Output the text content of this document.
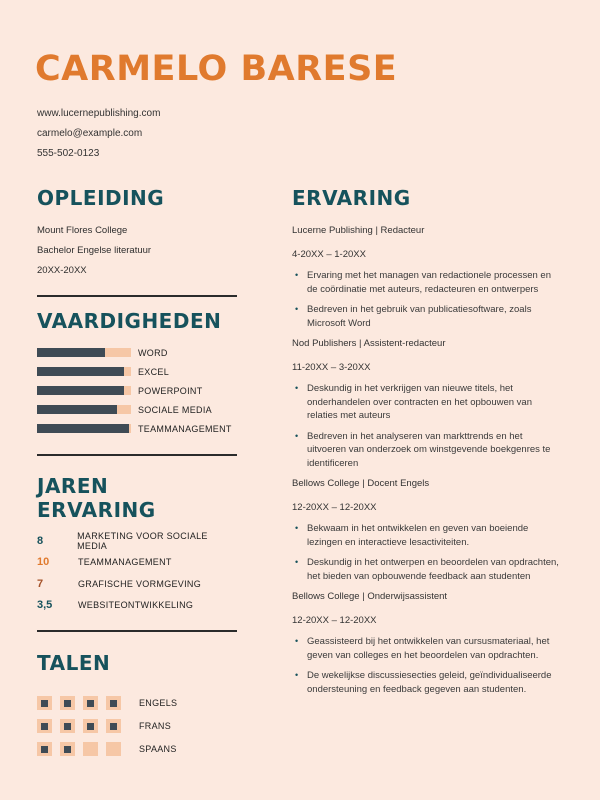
CARMELO BARESE
www.lucernepublishing.com
carmelo@example.com
555-502-0123
OPLEIDING
Mount Flores College
Bachelor Engelse literatuur
20XX-20XX
VAARDIGHEDEN
WORD
EXCEL
POWERPOINT
SOCIALE MEDIA
TEAMMANAGEMENT
JAREN
ERVARING
8	MARKETING VOOR SOCIALE MEDIA
10	TEAMMANAGEMENT
7	GRAFISCHE VORMGEVING
3,5	WEBSITEONTWIKKELING
TALEN
ENGELS
FRANS
SPAANS
ERVARING
Lucerne Publishing | Redacteur
4-20XX – 1-20XX
• Ervaring met het managen van redactionele processen en de coördinatie met auteurs, redacteuren en ontwerpers
• Bedreven in het gebruik van publicatiesoftware, zoals Microsoft Word
Nod Publishers | Assistent-redacteur
11-20XX – 3-20XX
• Deskundig in het verkrijgen van nieuwe titels, het onderhandelen over contracten en het opbouwen van relaties met auteurs
• Bedreven in het analyseren van markttrends en het uitvoeren van onderzoek om winstgevende boekgenres te identificeren
Bellows College | Docent Engels
12-20XX – 12-20XX
• Bekwaam in het ontwikkelen en geven van boeiende lezingen en interactieve lesactiviteiten.
• Deskundig in het ontwerpen en beoordelen van opdrachten, het bieden van opbouwende feedback aan studenten
Bellows College | Onderwijsassistent
12-20XX – 12-20XX
• Geassisteerd bij het ontwikkelen van cursusmateriaal, het geven van colleges en het beoordelen van opdrachten.
• De wekelijkse discussiesecties geleid, geïndividualiseerde ondersteuning en feedback gegeven aan studenten.
